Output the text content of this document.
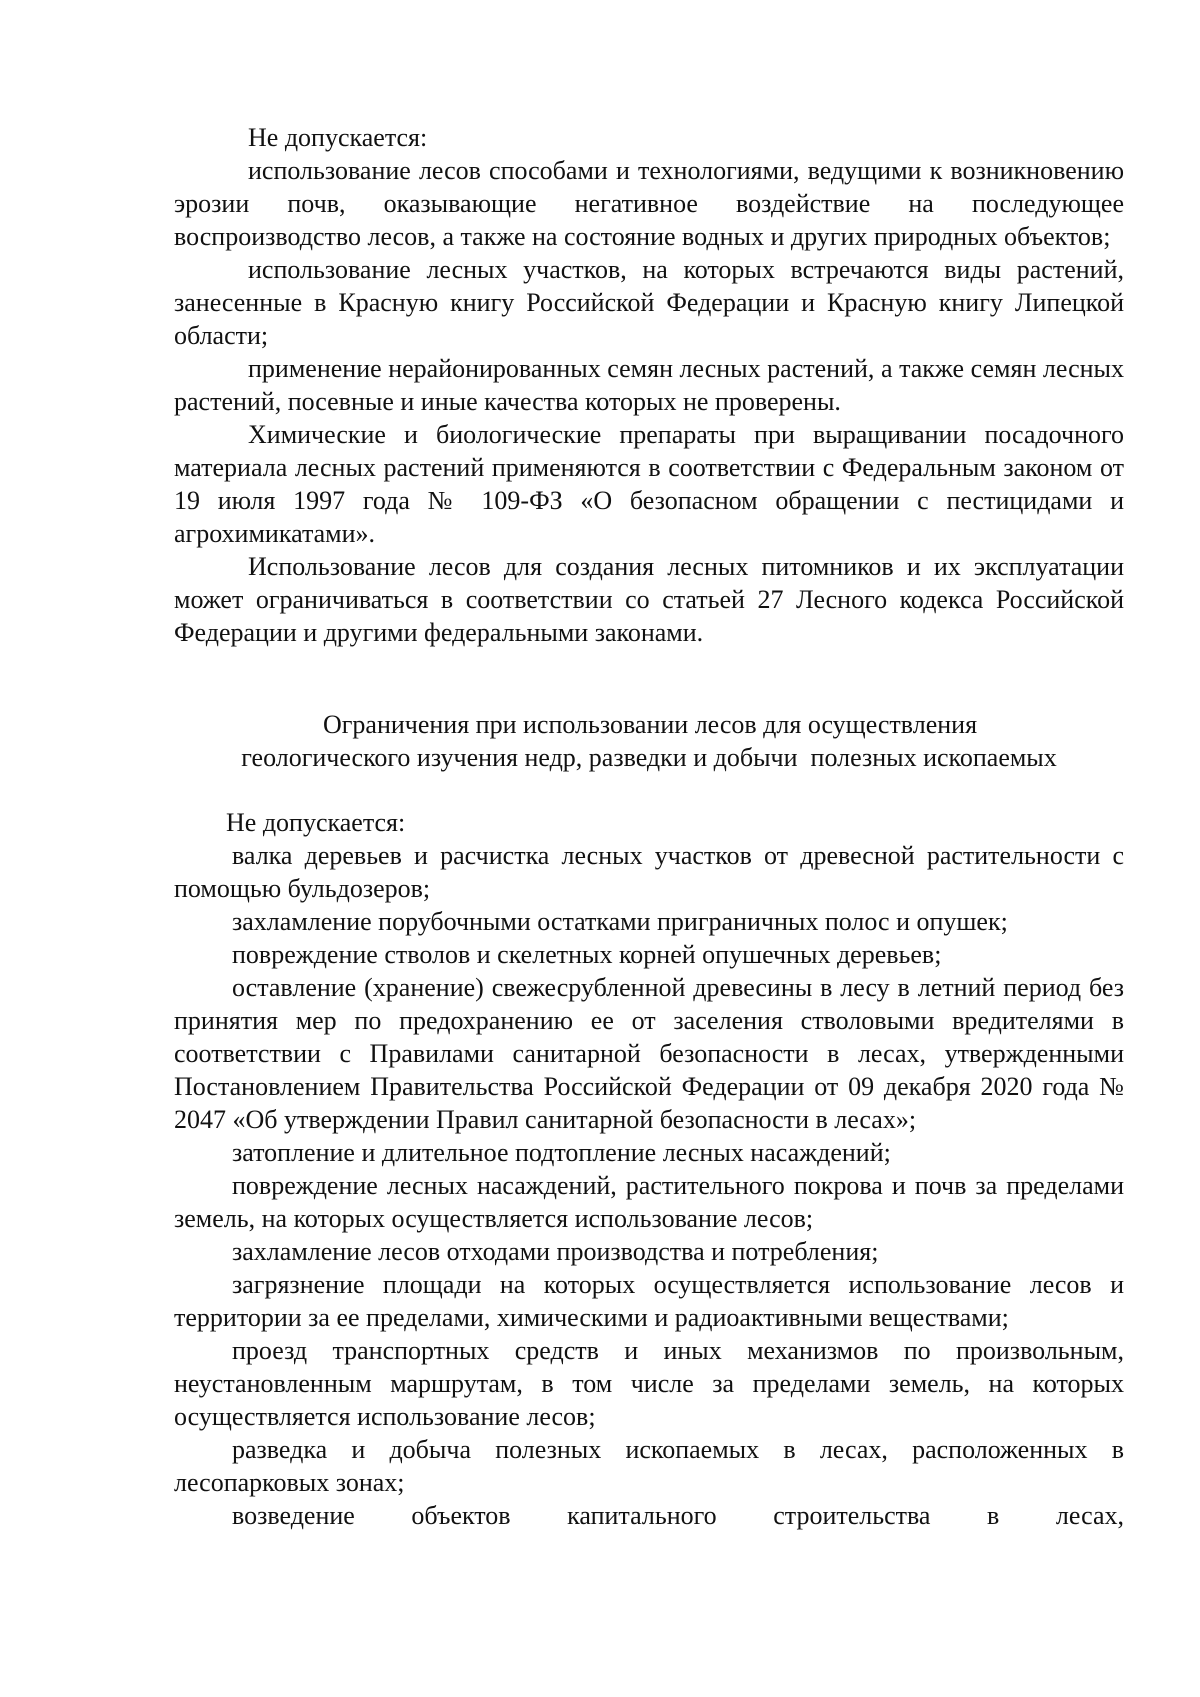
Не допускается:

использование лесов способами и технологиями, ведущими к возникновению эрозии почв, оказывающие негативное воздействие на последующее воспроизводство лесов, а также на состояние водных и других природных объектов;

использование лесных участков, на которых встречаются виды растений, занесенные в Красную книгу Российской Федерации и Красную книгу Липецкой области;

применение нерайонированных семян лесных растений, а также семян лесных растений, посевные и иные качества которых не проверены.

Химические и биологические препараты при выращивании посадочного материала лесных растений применяются в соответствии с Федеральным законом от 19 июля 1997 года № 109-ФЗ «О безопасном обращении с пестицидами и агрохимикатами».

Использование лесов для создания лесных питомников и их эксплуатации может ограничиваться в соответствии со статьей 27 Лесного кодекса Российской Федерации и другими федеральными законами.

Ограничения при использовании лесов для осуществления
геологического изучения недр, разведки и добычи  полезных ископаемых

Не допускается:

валка деревьев и расчистка лесных участков от древесной растительности с помощью бульдозеров;

захламление порубочными остатками приграничных полос и опушек;

повреждение стволов и скелетных корней опушечных деревьев;

оставление (хранение) свежесрубленной древесины в лесу в летний период без принятия мер по предохранению ее от заселения стволовыми вредителями в соответствии с Правилами санитарной безопасности в лесах, утвержденными Постановлением Правительства Российской Федерации от 09 декабря 2020 года №  2047 «Об утверждении Правил санитарной безопасности в лесах»;

затопление и длительное подтопление лесных насаждений;

повреждение лесных насаждений, растительного покрова и почв за пределами земель, на которых осуществляется использование лесов;

захламление лесов отходами производства и потребления;

загрязнение площади на которых осуществляется использование лесов и территории за ее пределами, химическими и радиоактивными веществами;

проезд транспортных средств и иных механизмов по произвольным, неустановленным маршрутам, в том числе за пределами земель, на которых осуществляется использование лесов;

разведка и добыча полезных ископаемых в лесах, расположенных в лесопарковых зонах;

возведение объектов капитального строительства в лесах,
